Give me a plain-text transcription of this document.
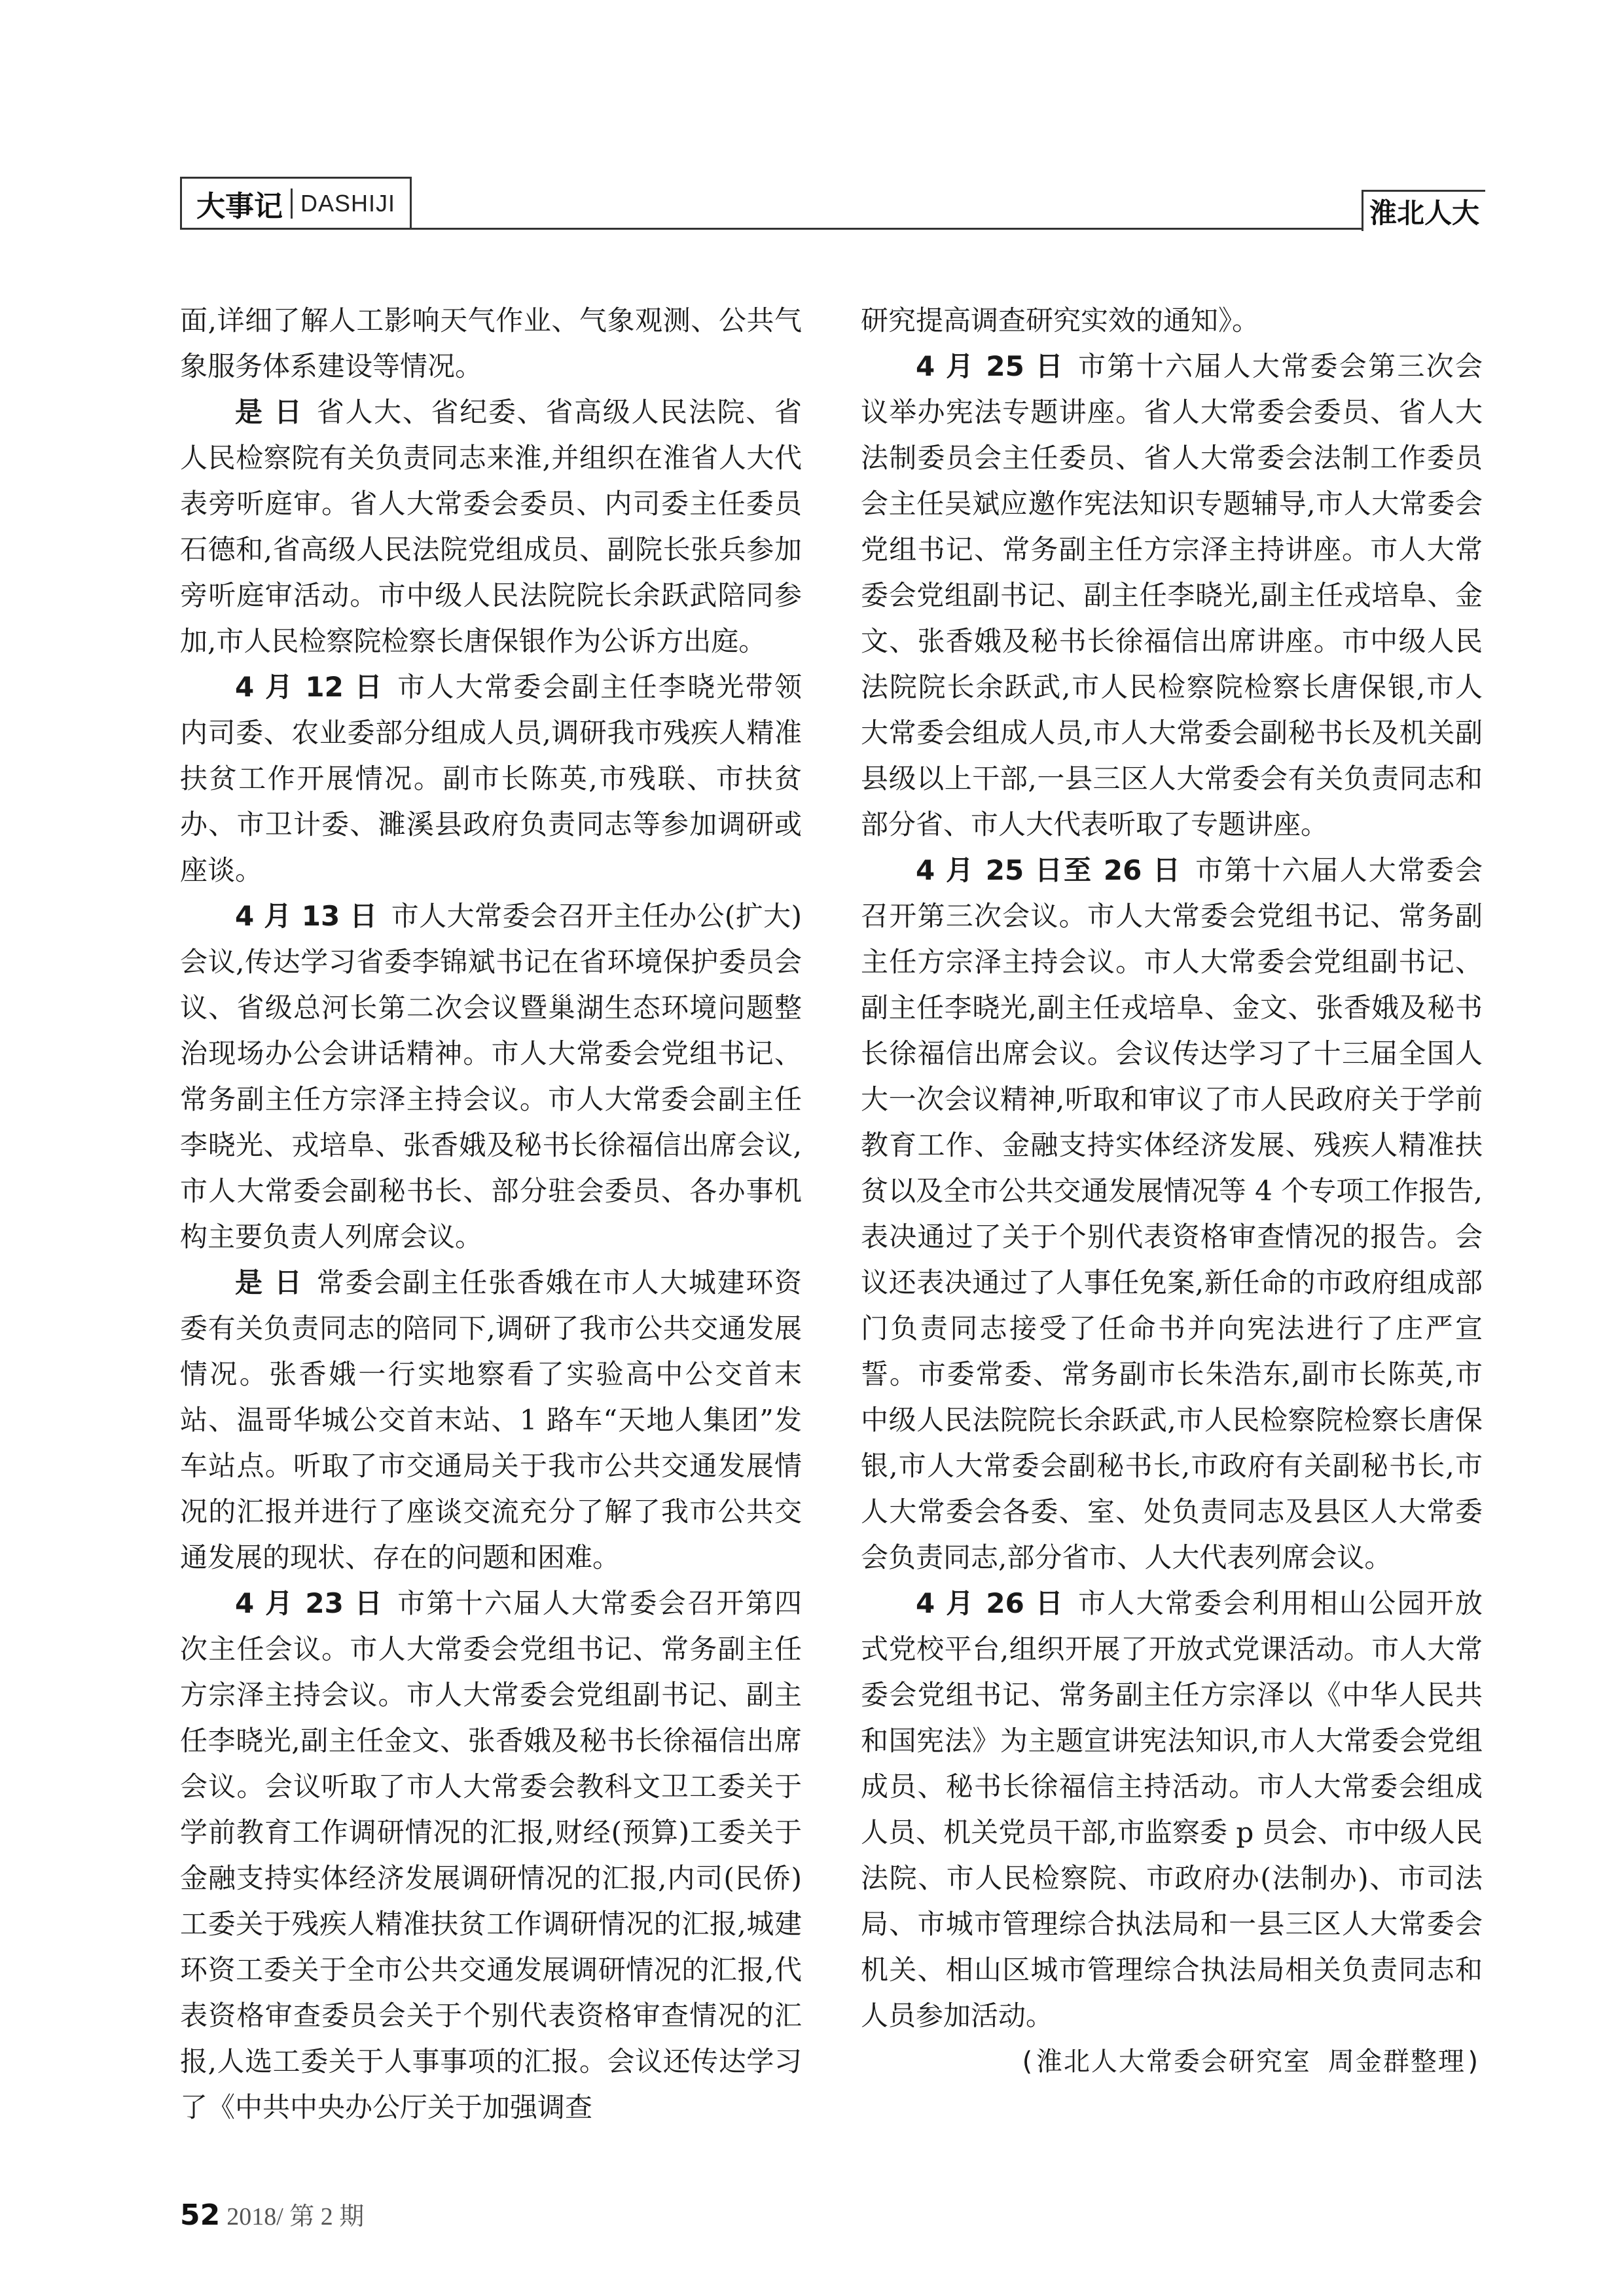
大事记 DASHIJI	淮北人大

面,详细了解人工影响天气作业、气象观测、公共气象服务体系建设等情况。

是 日 省人大、省纪委、省高级人民法院、省人民检察院有关负责同志来淮,并组织在淮省人大代表旁听庭审。省人大常委会委员、内司委主任委员石德和,省高级人民法院党组成员、副院长张兵参加旁听庭审活动。市中级人民法院院长余跃武陪同参加,市人民检察院检察长唐保银作为公诉方出庭。

4 月 12 日 市人大常委会副主任李晓光带领内司委、农业委部分组成人员,调研我市残疾人精准扶贫工作开展情况。副市长陈英,市残联、市扶贫办、市卫计委、濉溪县政府负责同志等参加调研或座谈。

4 月 13 日 市人大常委会召开主任办公(扩大)会议,传达学习省委李锦斌书记在省环境保护委员会议、省级总河长第二次会议暨巢湖生态环境问题整治现场办公会讲话精神。市人大常委会党组书记、常务副主任方宗泽主持会议。市人大常委会副主任李晓光、戎培阜、张香娥及秘书长徐福信出席会议,市人大常委会副秘书长、部分驻会委员、各办事机构主要负责人列席会议。

是 日 常委会副主任张香娥在市人大城建环资委有关负责同志的陪同下,调研了我市公共交通发展情况。张香娥一行实地察看了实验高中公交首末站、温哥华城公交首末站、1 路车“天地人集团”发车站点。听取了市交通局关于我市公共交通发展情况的汇报并进行了座谈交流充分了解了我市公共交通发展的现状、存在的问题和困难。

4 月 23 日 市第十六届人大常委会召开第四次主任会议。市人大常委会党组书记、常务副主任方宗泽主持会议。市人大常委会党组副书记、副主任李晓光,副主任金文、张香娥及秘书长徐福信出席会议。会议听取了市人大常委会教科文卫工委关于学前教育工作调研情况的汇报,财经(预算)工委关于金融支持实体经济发展调研情况的汇报,内司(民侨)工委关于残疾人精准扶贫工作调研情况的汇报,城建环资工委关于全市公共交通发展调研情况的汇报,代表资格审查委员会关于个别代表资格审查情况的汇报,人选工委关于人事事项的汇报。会议还传达学习了《中共中央办公厅关于加强调查

研究提高调查研究实效的通知》。

4 月 25 日 市第十六届人大常委会第三次会议举办宪法专题讲座。省人大常委会委员、省人大法制委员会主任委员、省人大常委会法制工作委员会主任吴斌应邀作宪法知识专题辅导,市人大常委会党组书记、常务副主任方宗泽主持讲座。市人大常委会党组副书记、副主任李晓光,副主任戎培阜、金文、张香娥及秘书长徐福信出席讲座。市中级人民法院院长余跃武,市人民检察院检察长唐保银,市人大常委会组成人员,市人大常委会副秘书长及机关副县级以上干部,一县三区人大常委会有关负责同志和部分省、市人大代表听取了专题讲座。

4 月 25 日至 26 日 市第十六届人大常委会召开第三次会议。市人大常委会党组书记、常务副主任方宗泽主持会议。市人大常委会党组副书记、副主任李晓光,副主任戎培阜、金文、张香娥及秘书长徐福信出席会议。会议传达学习了十三届全国人大一次会议精神,听取和审议了市人民政府关于学前教育工作、金融支持实体经济发展、残疾人精准扶贫以及全市公共交通发展情况等 4 个专项工作报告,表决通过了关于个别代表资格审查情况的报告。会议还表决通过了人事任免案,新任命的市政府组成部门负责同志接受了任命书并向宪法进行了庄严宣誓。市委常委、常务副市长朱浩东,副市长陈英,市中级人民法院院长余跃武,市人民检察院检察长唐保银,市人大常委会副秘书长,市政府有关副秘书长,市人大常委会各委、室、处负责同志及县区人大常委会负责同志,部分省市、人大代表列席会议。

4 月 26 日 市人大常委会利用相山公园开放式党校平台,组织开展了开放式党课活动。市人大常委会党组书记、常务副主任方宗泽以《中华人民共和国宪法》为主题宣讲宪法知识,市人大常委会党组成员、秘书长徐福信主持活动。市人大常委会组成人员、机关党员干部,市监察委 p 员会、市中级人民法院、市人民检察院、市政府办(法制办)、市司法局、市城市管理综合执法局和一县三区人大常委会机关、相山区城市管理综合执法局相关负责同志和人员参加活动。

(淮北人大常委会研究室 周金群整理)

52 2018/ 第 2 期
